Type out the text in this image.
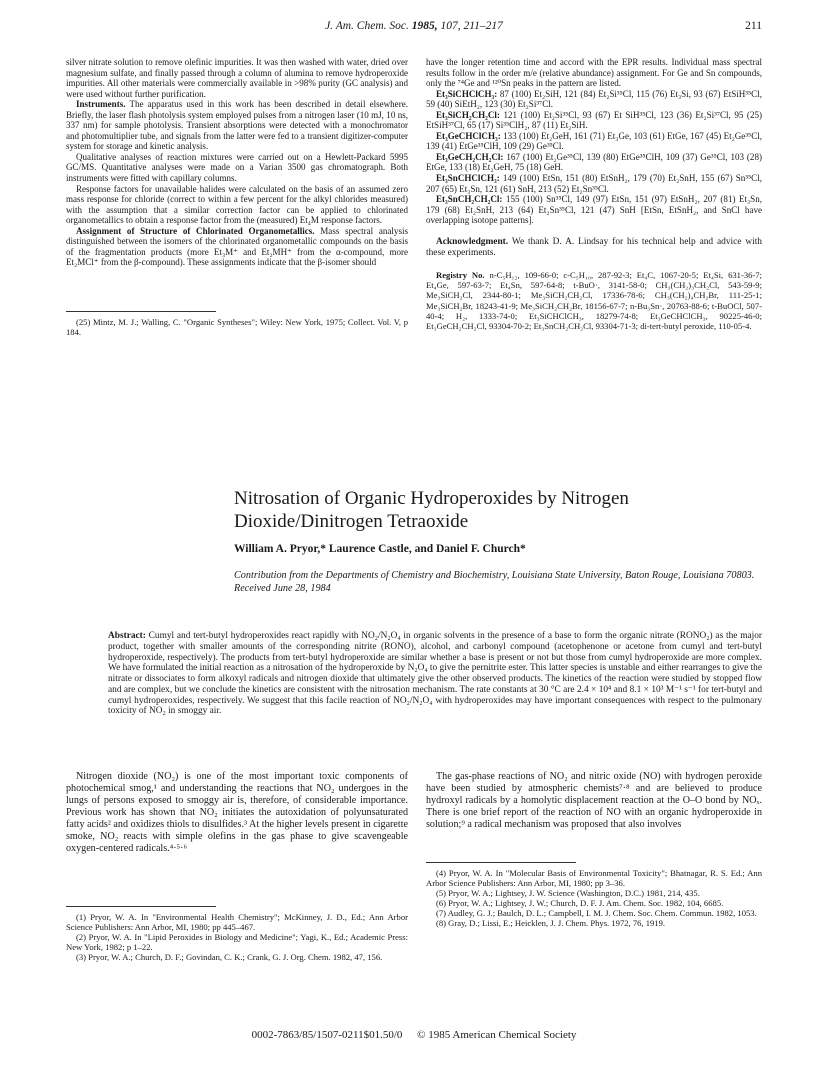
J. Am. Chem. Soc. 1985, 107, 211–217	211

silver nitrate solution to remove olefinic impurities. It was then washed with water, dried over magnesium sulfate, and finally passed through a column of alumina to remove hydroperoxide impurities. All other materials were commercially available in >98% purity (GC analysis) and were used without further purification.

Instruments. The apparatus used in this work has been described in detail elsewhere. Briefly, the laser flash photolysis system employed pulses from a nitrogen laser (10 mJ, 10 ns, 337 nm) for sample photolysis. Transient absorptions were detected with a monochromator and photomultiplier tube, and signals from the latter were fed to a transient digitizer-computer system for storage and kinetic analysis.

Qualitative analyses of reaction mixtures were carried out on a Hewlett-Packard 5995 GC/MS. Quantitative analyses were made on a Varian 3500 gas chromatograph. Both instruments were fitted with capillary columns.

Response factors for unavailable halides were calculated on the basis of an assumed zero mass response for chloride (correct to within a few percent for the alkyl chlorides measured) with the assumption that a similar correction factor can be applied to chlorinated organometallics to obtain a response factor from the (measured) Et₄M response factors.

Assignment of Structure of Chlorinated Organometallics. Mass spectral analysis distinguished between the isomers of the chlorinated organometallic compounds on the basis of the fragmentation products (more Et₃M⁺ and Et₂MH⁺ from the α-compound, more Et₂MCl⁺ from the β-compound). These assignments indicate that the β-isomer should

(25) Mintz, M. J.; Walling, C. "Organic Syntheses"; Wiley: New York, 1975; Collect. Vol. V, p 184.

have the longer retention time and accord with the EPR results. Individual mass spectral results follow in the order m/e (relative abundance) assignment. For Ge and Sn compounds, only the ⁷⁴Ge and ¹²⁰Sn peaks in the pattern are listed.

Et₃SiCHClCH₃: 87 (100) Et₂SiH, 121 (84) Et₂Si³⁵Cl, 115 (76) Et₃Si, 93 (67) EtSiH³⁵Cl, 59 (40) SiEtH₂, 123 (30) Et₂Si³⁷Cl.

Et₃SiCH₂CH₂Cl: 121 (100) Et₂Si³⁵Cl, 93 (67) Et SiH³⁵Cl, 123 (36) Et₂Si³⁷Cl, 95 (25) EtSiH³⁷Cl, 65 (17) Si³⁵ClH₂, 87 (11) Et₂SiH.

Et₃GeCHClCH₃: 133 (100) Et₂GeH, 161 (71) Et₃Ge, 103 (61) EtGe, 167 (45) Et₂Ge³⁵Cl, 139 (41) EtGe³⁵ClH, 109 (29) Ge³⁵Cl.

Et₃GeCH₂CH₂Cl: 167 (100) Et₂Ge³⁵Cl, 139 (80) EtGe³⁵ClH, 109 (37) Ge³⁵Cl, 103 (28) EtGe, 133 (18) Et₂GeH, 75 (18) GeH.

Et₃SnCHClCH₃: 149 (100) EtSn, 151 (80) EtSnH₂, 179 (70) Et₂SnH, 155 (67) Sn³⁵Cl, 207 (65) Et₃Sn, 121 (61) SnH, 213 (52) Et₂Sn³⁵Cl.

Et₃SnCH₂CH₂Cl: 155 (100) Sn³⁵Cl, 149 (97) EtSn, 151 (97) EtSnH₂, 207 (81) Et₃Sn, 179 (68) Et₂SnH, 213 (64) Et₂Sn³⁵Cl, 121 (47) SnH [EtSn, EtSnH₂, and SnCl have overlapping isotope patterns].

Acknowledgment. We thank D. A. Lindsay for his technical help and advice with these experiments.
Registry No. n-C₅H₁₂, 109-66-0; c-C₅H₁₀, 287-92-3; Et₄C, 1067-20-5; Et₄Si, 631-36-7; Et₄Ge, 597-63-7; Et₄Sn, 597-64-8; t-BuO·, 3141-58-0; CH₃(CH₂)₃CH₂Cl, 543-59-9; Me₃SiCH₂Cl, 2344-80-1; Me₃SiCH₂CH₂Cl, 17336-78-6; CH₃(CH₂)₄CH₂Br, 111-25-1; Me₃SiCH₂Br, 18243-41-9; Me₃SiCH₂CH₂Br, 18156-67-7; n-Bu₃Sn·, 20763-88-6; t-BuOCl, 507-40-4; H₂, 1333-74-0; Et₃SiCHClCH₃, 18279-74-8; Et₃GeCHClCH₃, 90225-46-0; Et₃GeCH₂CH₂Cl, 93304-70-2; Et₃SnCH₂CH₂Cl, 93304-71-3; di-tert-butyl peroxide, 110-05-4.
Nitrosation of Organic Hydroperoxides by Nitrogen Dioxide/Dinitrogen Tetraoxide
William A. Pryor,* Laurence Castle, and Daniel F. Church*
Contribution from the Departments of Chemistry and Biochemistry, Louisiana State University, Baton Rouge, Louisiana 70803. Received June 28, 1984
Abstract: Cumyl and tert-butyl hydroperoxides react rapidly with NO₂/N₂O₄ in organic solvents in the presence of a base to form the organic nitrate (RONO₂) as the major product, together with smaller amounts of the corresponding nitrite (RONO), alcohol, and carbonyl compound (acetophenone or acetone from cumyl and tert-butyl hydroperoxide, respectively). The products from tert-butyl hydroperoxide are similar whether a base is present or not but those from cumyl hydroperoxide are more complex. We have formulated the initial reaction as a nitrosation of the hydroperoxide by N₂O₄ to give the pernitrite ester. This latter species is unstable and either rearranges to give the nitrate or dissociates to form alkoxyl radicals and nitrogen dioxide that ultimately give the other observed products. The kinetics of the reaction were studied by stopped flow and are complex, but we conclude the kinetics are consistent with the nitrosation mechanism. The rate constants at 30 °C are 2.4 × 10⁴ and 8.1 × 10³ M⁻¹ s⁻¹ for tert-butyl and cumyl hydroperoxides, respectively. We suggest that this facile reaction of NO₂/N₂O₄ with hydroperoxides may have important consequences with respect to the pulmonary toxicity of NO₂ in smoggy air.
Nitrogen dioxide (NO₂) is one of the most important toxic components of photochemical smog,¹ and understanding the reactions that NO₂ undergoes in the lungs of persons exposed to smoggy air is, therefore, of considerable importance. Previous work has shown that NO₂ initiates the autoxidation of polyunsaturated fatty acids² and oxidizes thiols to disulfides.³ At the higher levels present in cigarette smoke, NO₂ reacts with simple olefins in the gas phase to give scavengeable oxygen-centered radicals.⁴·⁵·⁶
The gas-phase reactions of NO₂ and nitric oxide (NO) with hydrogen peroxide have been studied by atmospheric chemists⁷·⁸ and are believed to produce hydroxyl radicals by a homolytic displacement reaction at the O–O bond by NOₓ. There is one brief report of the reaction of NO with an organic hydroperoxide in solution;⁹ a radical mechanism was proposed that also involves

(1) Pryor, W. A. In "Environmental Health Chemistry"; McKinney, J. D., Ed.; Ann Arbor Science Publishers: Ann Arbor, MI, 1980; pp 445–467.

(2) Pryor, W. A. In "Lipid Peroxides in Biology and Medicine"; Yagi, K., Ed.; Academic Press: New York, 1982; p 1–22.

(3) Pryor, W. A.; Church, D. F.; Govindan, C. K.; Crank, G. J. Org. Chem. 1982, 47, 156.

(4) Pryor, W. A. In "Molecular Basis of Environmental Toxicity"; Bhatnagar, R. S. Ed.; Ann Arbor Science Publishers: Ann Arbor, MI, 1980; pp 3–36.

(5) Pryor, W. A.; Lightsey, J. W. Science (Washington, D.C.) 1981, 214, 435.

(6) Pryor, W. A.; Lightsey, J. W.; Church, D. F. J. Am. Chem. Soc. 1982, 104, 6685.

(7) Audley, G. J.; Baulch, D. L.; Campbell, I. M. J. Chem. Soc. Chem. Commun. 1982, 1053.

(8) Gray, D.; Lissi, E.; Heicklen, J. J. Chem. Phys. 1972, 76, 1919.

0002-7863/85/1507-0211$01.50/0 © 1985 American Chemical Society
